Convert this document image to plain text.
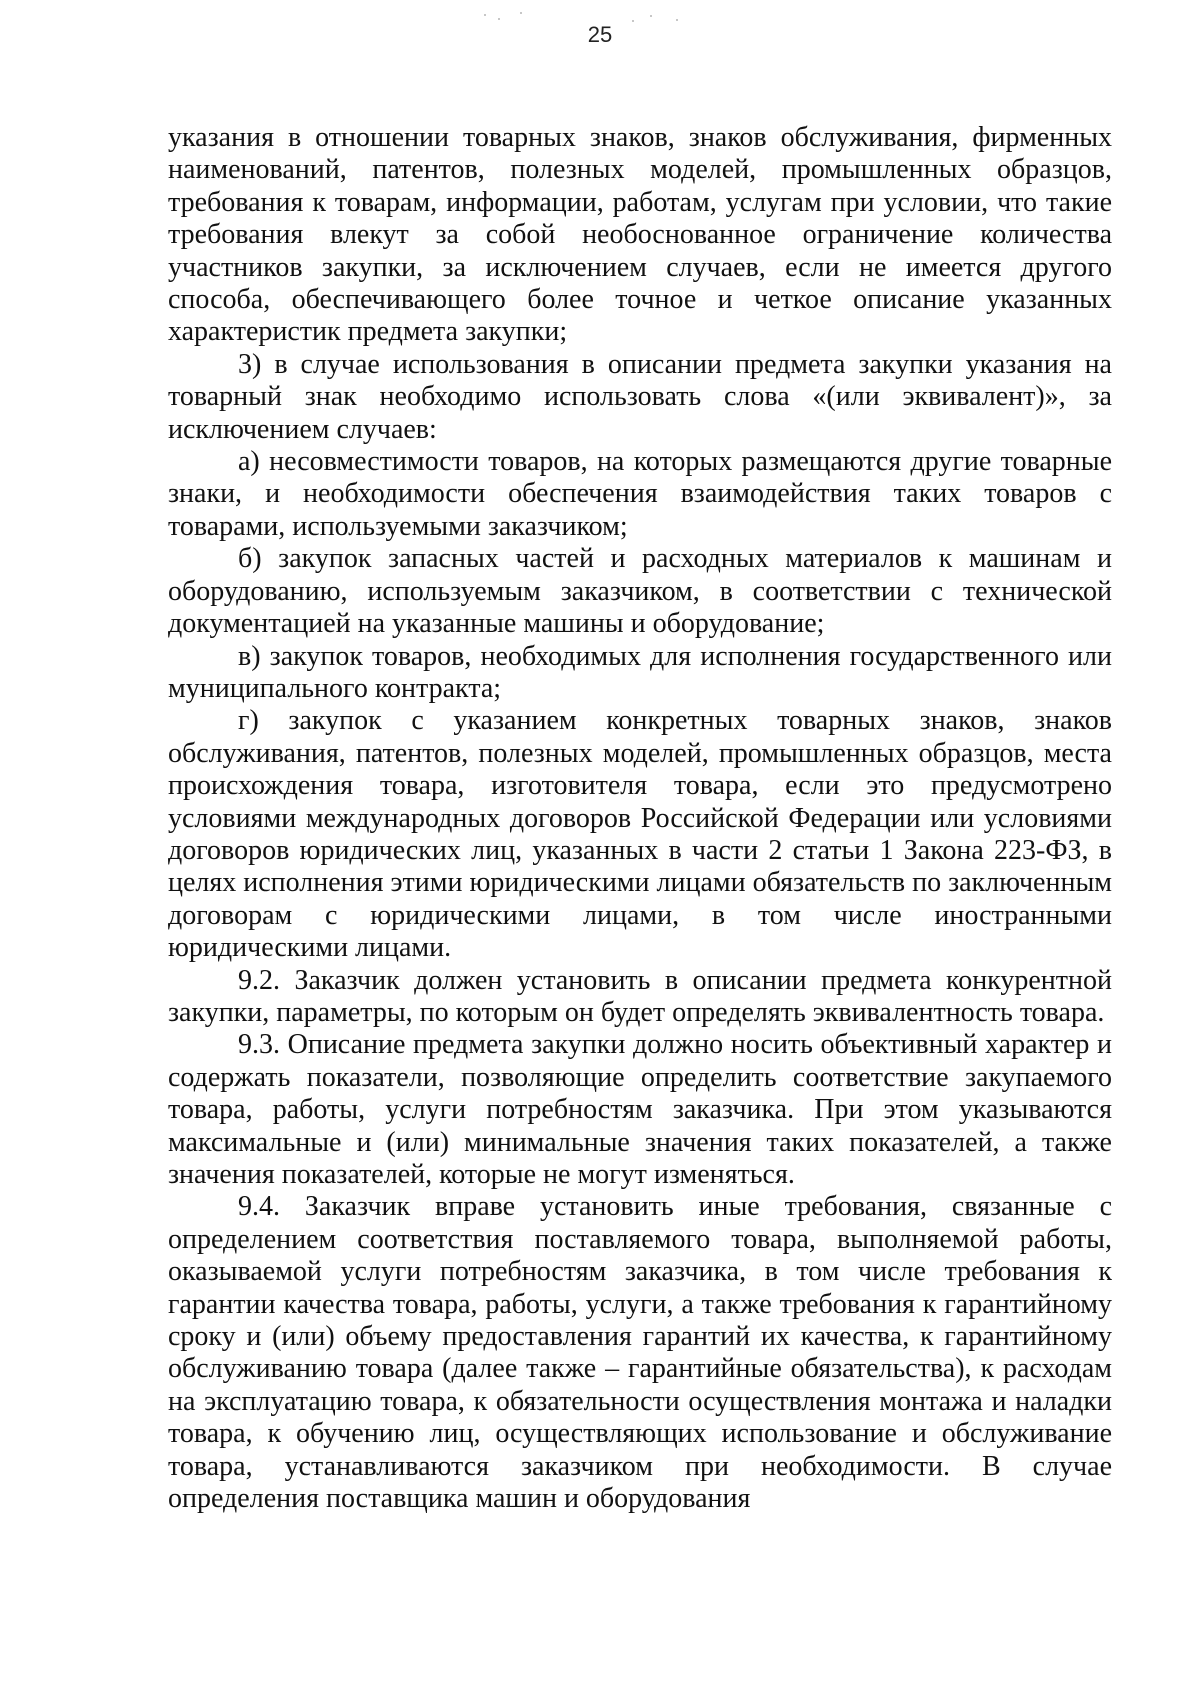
25

указания в отношении товарных знаков, знаков обслуживания, фирменных наименований, патентов, полезных моделей, промышленных образцов, требования к товарам, информации, работам, услугам при условии, что такие требования влекут за собой необоснованное ограничение количества участников закупки, за исключением случаев, если не имеется другого способа, обеспечивающего более точное и четкое описание указанных характеристик предмета закупки;

3) в случае использования в описании предмета закупки указания на товарный знак необходимо использовать слова «(или эквивалент)», за исключением случаев:

а) несовместимости товаров, на которых размещаются другие товарные знаки, и необходимости обеспечения взаимодействия таких товаров с товарами, используемыми заказчиком;

б) закупок запасных частей и расходных материалов к машинам и оборудованию, используемым заказчиком, в соответствии с технической документацией на указанные машины и оборудование;

в) закупок товаров, необходимых для исполнения государственного или муниципального контракта;

г) закупок с указанием конкретных товарных знаков, знаков обслуживания, патентов, полезных моделей, промышленных образцов, места происхождения товара, изготовителя товара, если это предусмотрено условиями международных договоров Российской Федерации или условиями договоров юридических лиц, указанных в части 2 статьи 1 Закона 223-ФЗ, в целях исполнения этими юридическими лицами обязательств по заключенным договорам с юридическими лицами, в том числе иностранными юридическими лицами.

9.2. Заказчик должен установить в описании предмета конкурентной закупки, параметры, по которым он будет определять эквивалентность товара.

9.3. Описание предмета закупки должно носить объективный характер и содержать показатели, позволяющие определить соответствие закупаемого товара, работы, услуги потребностям заказчика. При этом указываются максимальные и (или) минимальные значения таких показателей, а также значения показателей, которые не могут изменяться.

9.4. Заказчик вправе установить иные требования, связанные с определением соответствия поставляемого товара, выполняемой работы, оказываемой услуги потребностям заказчика, в том числе требования к гарантии качества товара, работы, услуги, а также требования к гарантийному сроку и (или) объему предоставления гарантий их качества, к гарантийному обслуживанию товара (далее также – гарантийные обязательства), к расходам на эксплуатацию товара, к обязательности осуществления монтажа и наладки товара, к обучению лиц, осуществляющих использование и обслуживание товара, устанавливаются заказчиком при необходимости. В случае определения поставщика машин и оборудования
